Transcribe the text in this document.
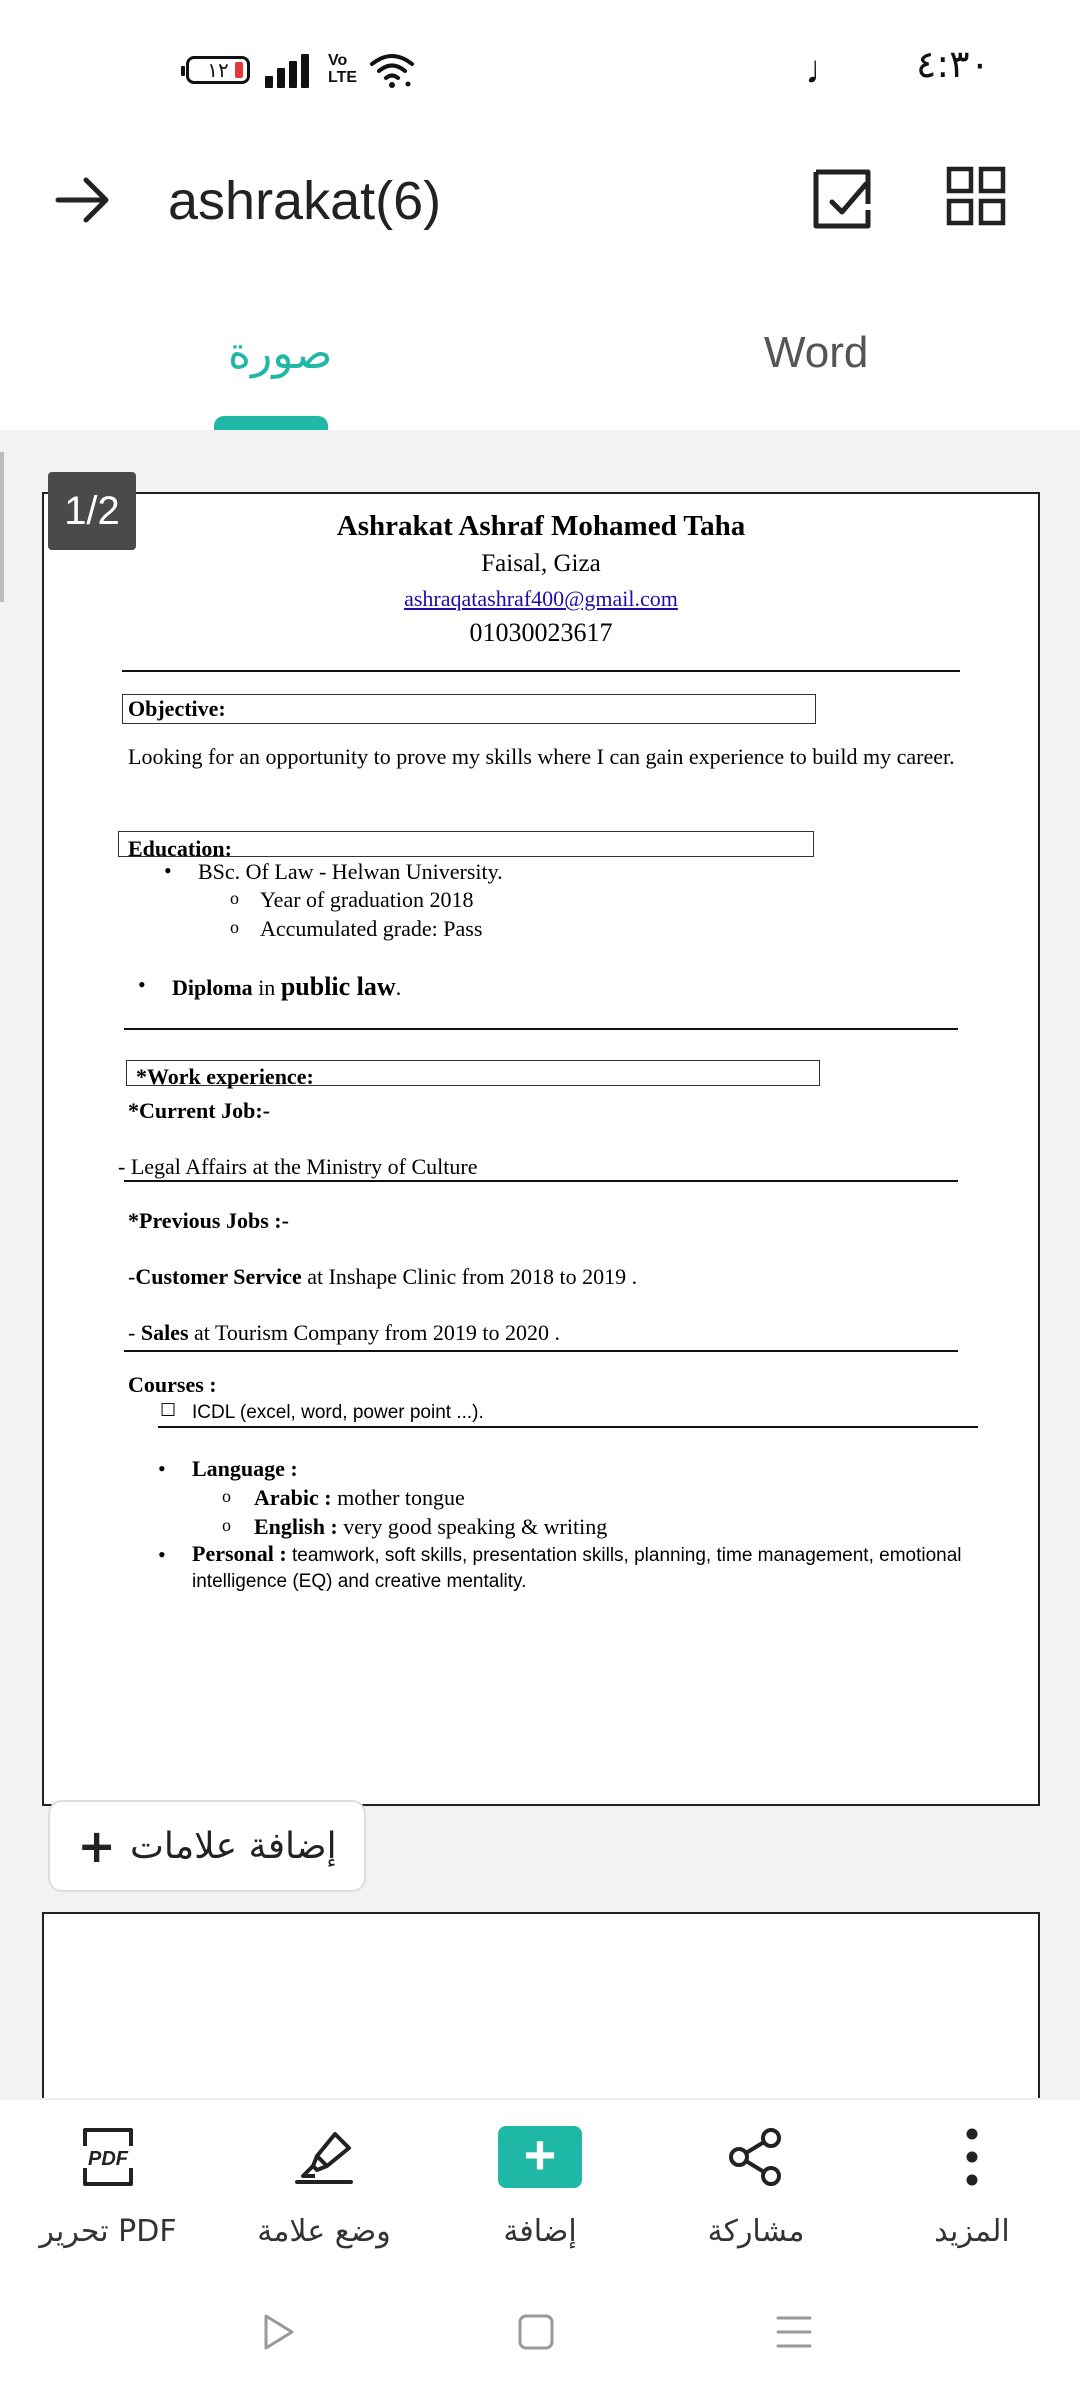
١٢	Vo
LTE	♩ ٤:٣٠
ashrakat(6)
صورة	Word
Ashrakat Ashraf Mohamed Taha
Faisal, Giza
ashraqatashraf400@gmail.com
01030023617
Objective:
Looking for an opportunity to prove my skills where I can gain experience to build my career.
Education:
• BSc. Of Law - Helwan University.
o Year of graduation 2018
o Accumulated grade: Pass
• Diploma in public law.
*Work experience:
*Current Job:-
- Legal Affairs at the Ministry of Culture
*Previous Jobs :-
-Customer Service at Inshape Clinic from 2018 to 2019 .
- Sales at Tourism Company from 2019 to 2020 .
Courses :
☐ ICDL (excel, word, power point ...).
• Language :
o Arabic : mother tongue
o English : very good speaking & writing
• Personal : teamwork, soft skills, presentation skills, planning, time management, emotional intelligence (EQ) and creative mentality.
1/2
+ إضافة علامات
PDF
تحرير PDF	وضع علامة
+
إضافة	مشاركة	المزيد
